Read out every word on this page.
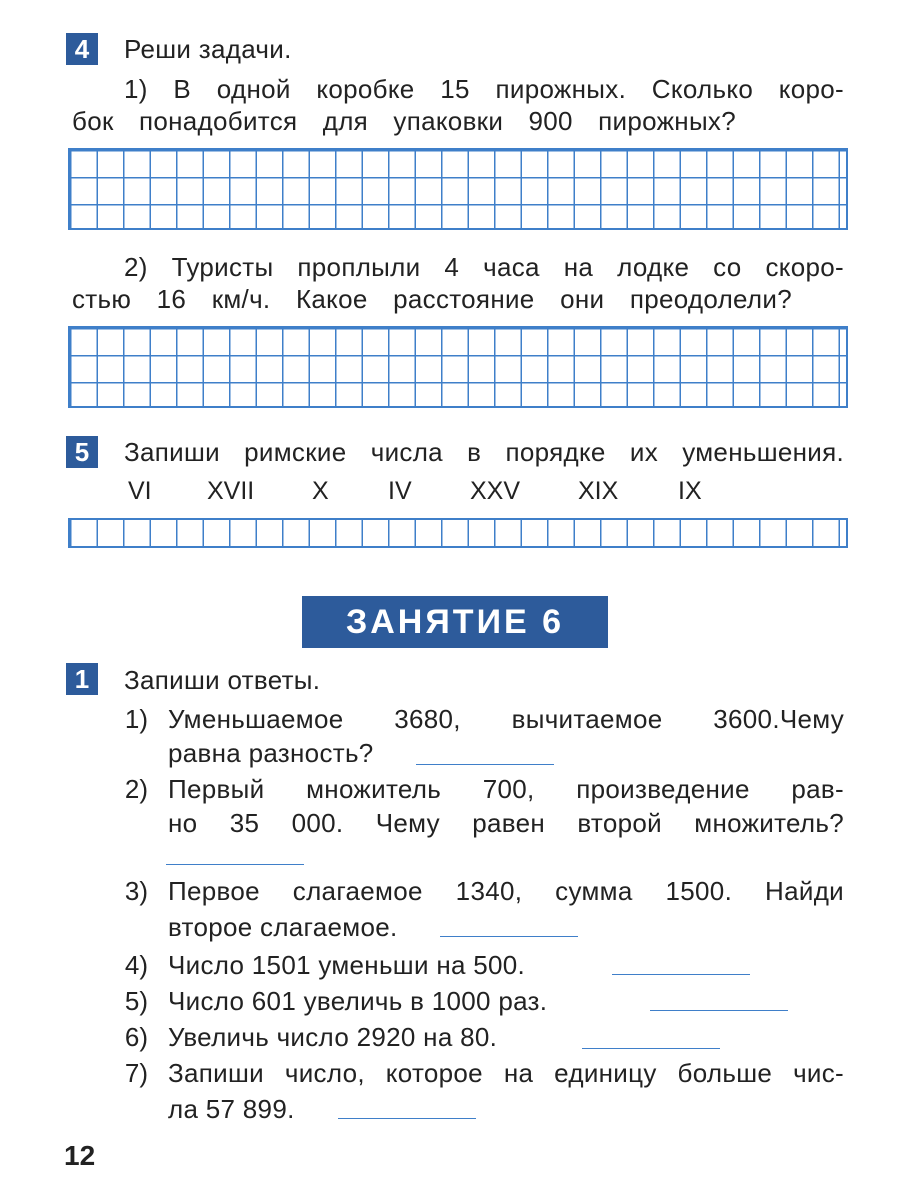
4	Реши задачи.
1) В одной коробке 15 пирожных. Сколько коро-
бок понадобится для упаковки 900 пирожных?
2) Туристы проплыли 4 часа на лодке со скоро-
стью 16 км/ч. Какое расстояние они преодолели?
5	Запиши римские числа в порядке их уменьшения.
VI XVII X IV XXV XIX IX
ЗАНЯТИЕ 6
1	Запиши ответы.
1) Уменьшаемое 3680, вычитаемое 3600.Чему
равна разность?
2) Первый множитель 700, произведение рав-
но 35 000. Чему равен второй множитель?
3) Первое слагаемое 1340, сумма 1500. Найди
второе слагаемое.
4) Число 1501 уменьши на 500.
5) Число 601 увеличь в 1000 раз.
6) Увеличь число 2920 на 80.
7) Запиши число, которое на единицу больше чис-
ла 57 899.
12
